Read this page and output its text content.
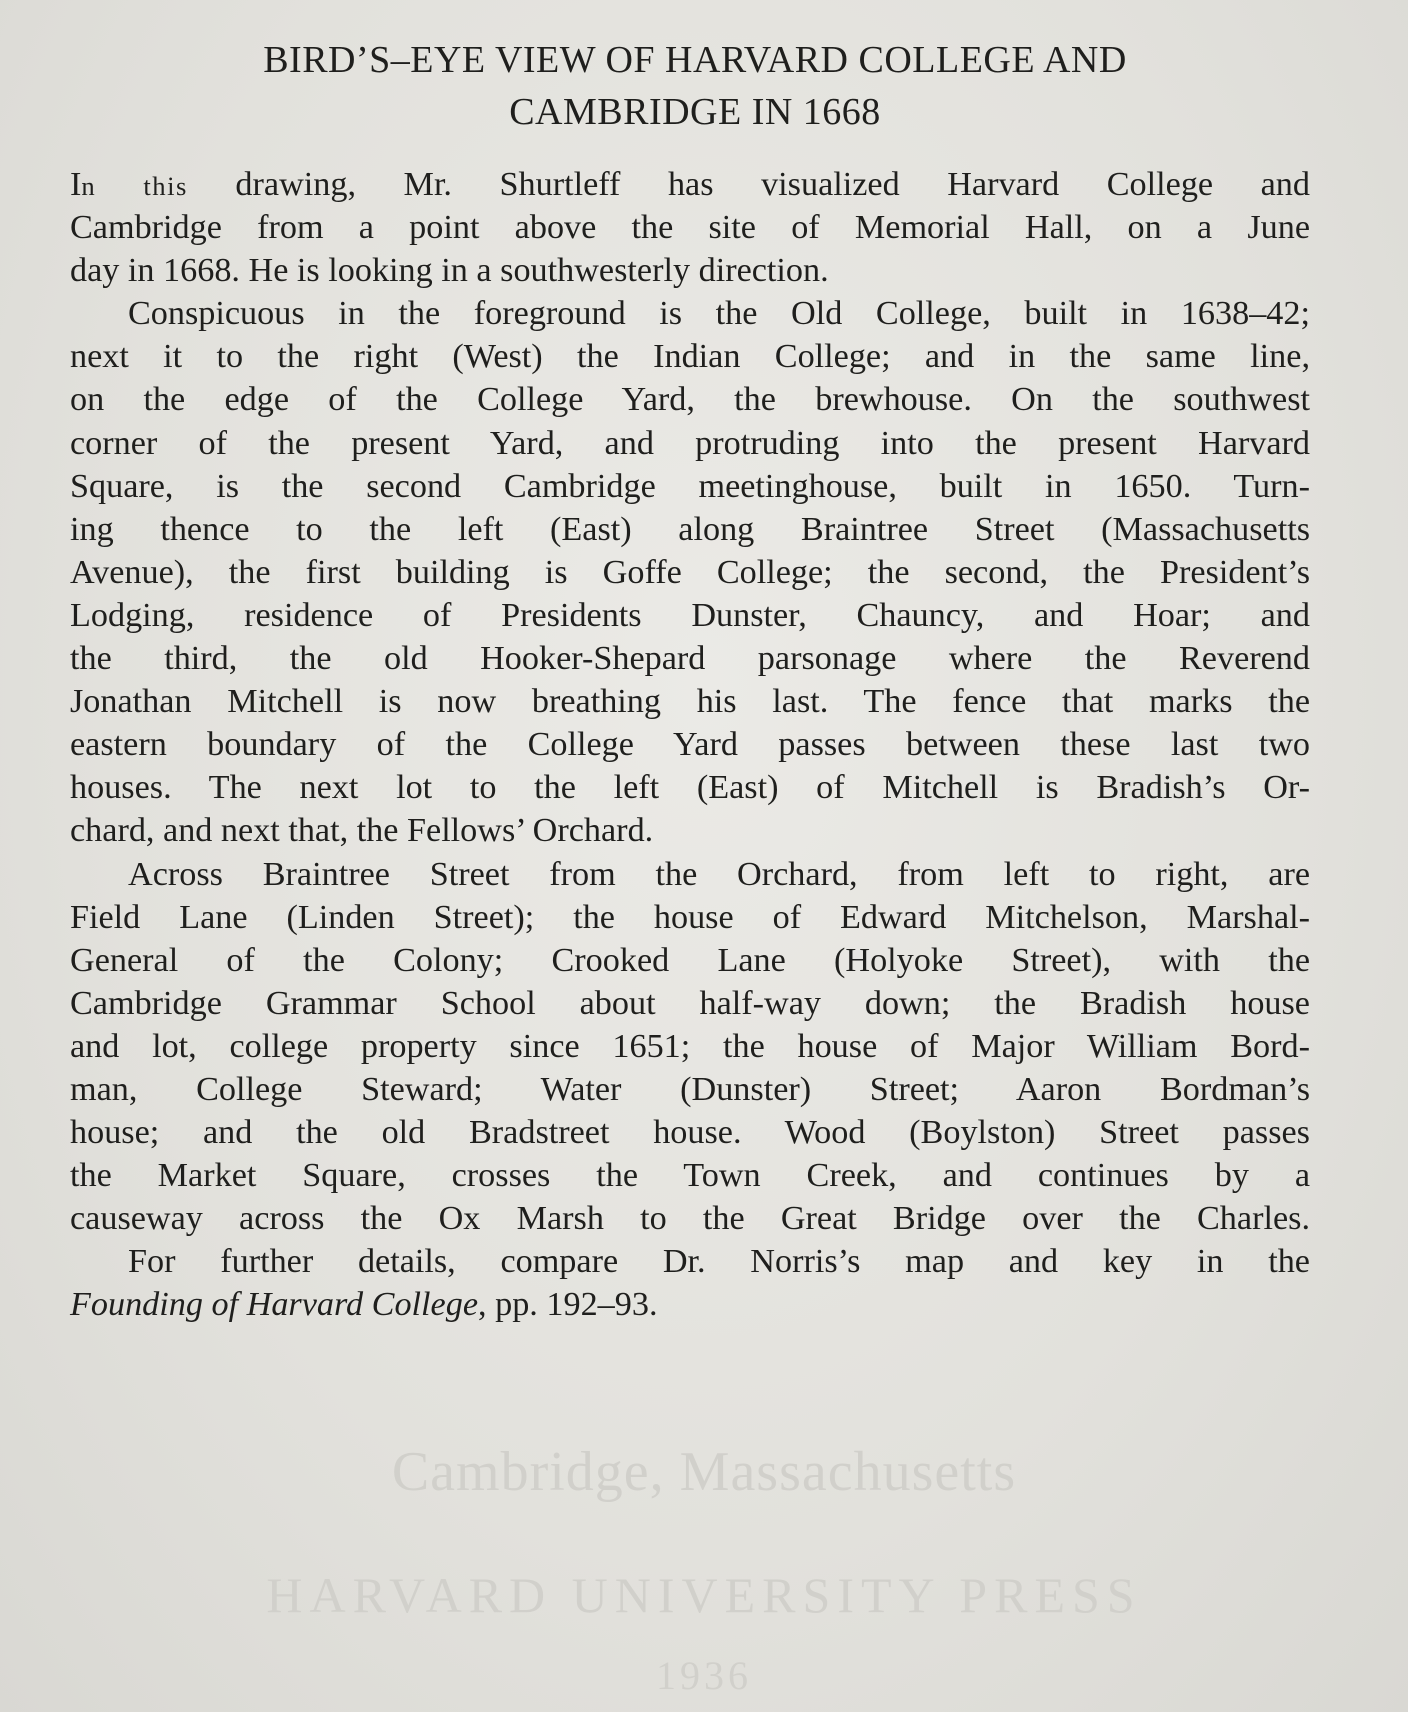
Cambridge, Massachusetts
HARVARD UNIVERSITY PRESS
1936
BIRD’S–EYE VIEW OF HARVARD COLLEGE AND
CAMBRIDGE IN 1668
In this drawing, Mr. Shurtleff has visualized Harvard College and
Cambridge from a point above the site of Memorial Hall, on a June
day in 1668. He is looking in a southwesterly direction.
Conspicuous in the foreground is the Old College, built in 1638–42;
next it to the right (West) the Indian College; and in the same line,
on the edge of the College Yard, the brewhouse. On the southwest
corner of the present Yard, and protruding into the present Harvard
Square, is the second Cambridge meetinghouse, built in 1650. Turn-
ing thence to the left (East) along Braintree Street (Massachusetts
Avenue), the first building is Goffe College; the second, the President’s
Lodging, residence of Presidents Dunster, Chauncy, and Hoar; and
the third, the old Hooker-Shepard parsonage where the Reverend
Jonathan Mitchell is now breathing his last. The fence that marks the
eastern boundary of the College Yard passes between these last two
houses. The next lot to the left (East) of Mitchell is Bradish’s Or-
chard, and next that, the Fellows’ Orchard.
Across Braintree Street from the Orchard, from left to right, are
Field Lane (Linden Street); the house of Edward Mitchelson, Marshal-
General of the Colony; Crooked Lane (Holyoke Street), with the
Cambridge Grammar School about half-way down; the Bradish house
and lot, college property since 1651; the house of Major William Bord-
man, College Steward; Water (Dunster) Street; Aaron Bordman’s
house; and the old Bradstreet house. Wood (Boylston) Street passes
the Market Square, crosses the Town Creek, and continues by a
causeway across the Ox Marsh to the Great Bridge over the Charles.
For further details, compare Dr. Norris’s map and key in the
Founding of Harvard College, pp. 192–93.
